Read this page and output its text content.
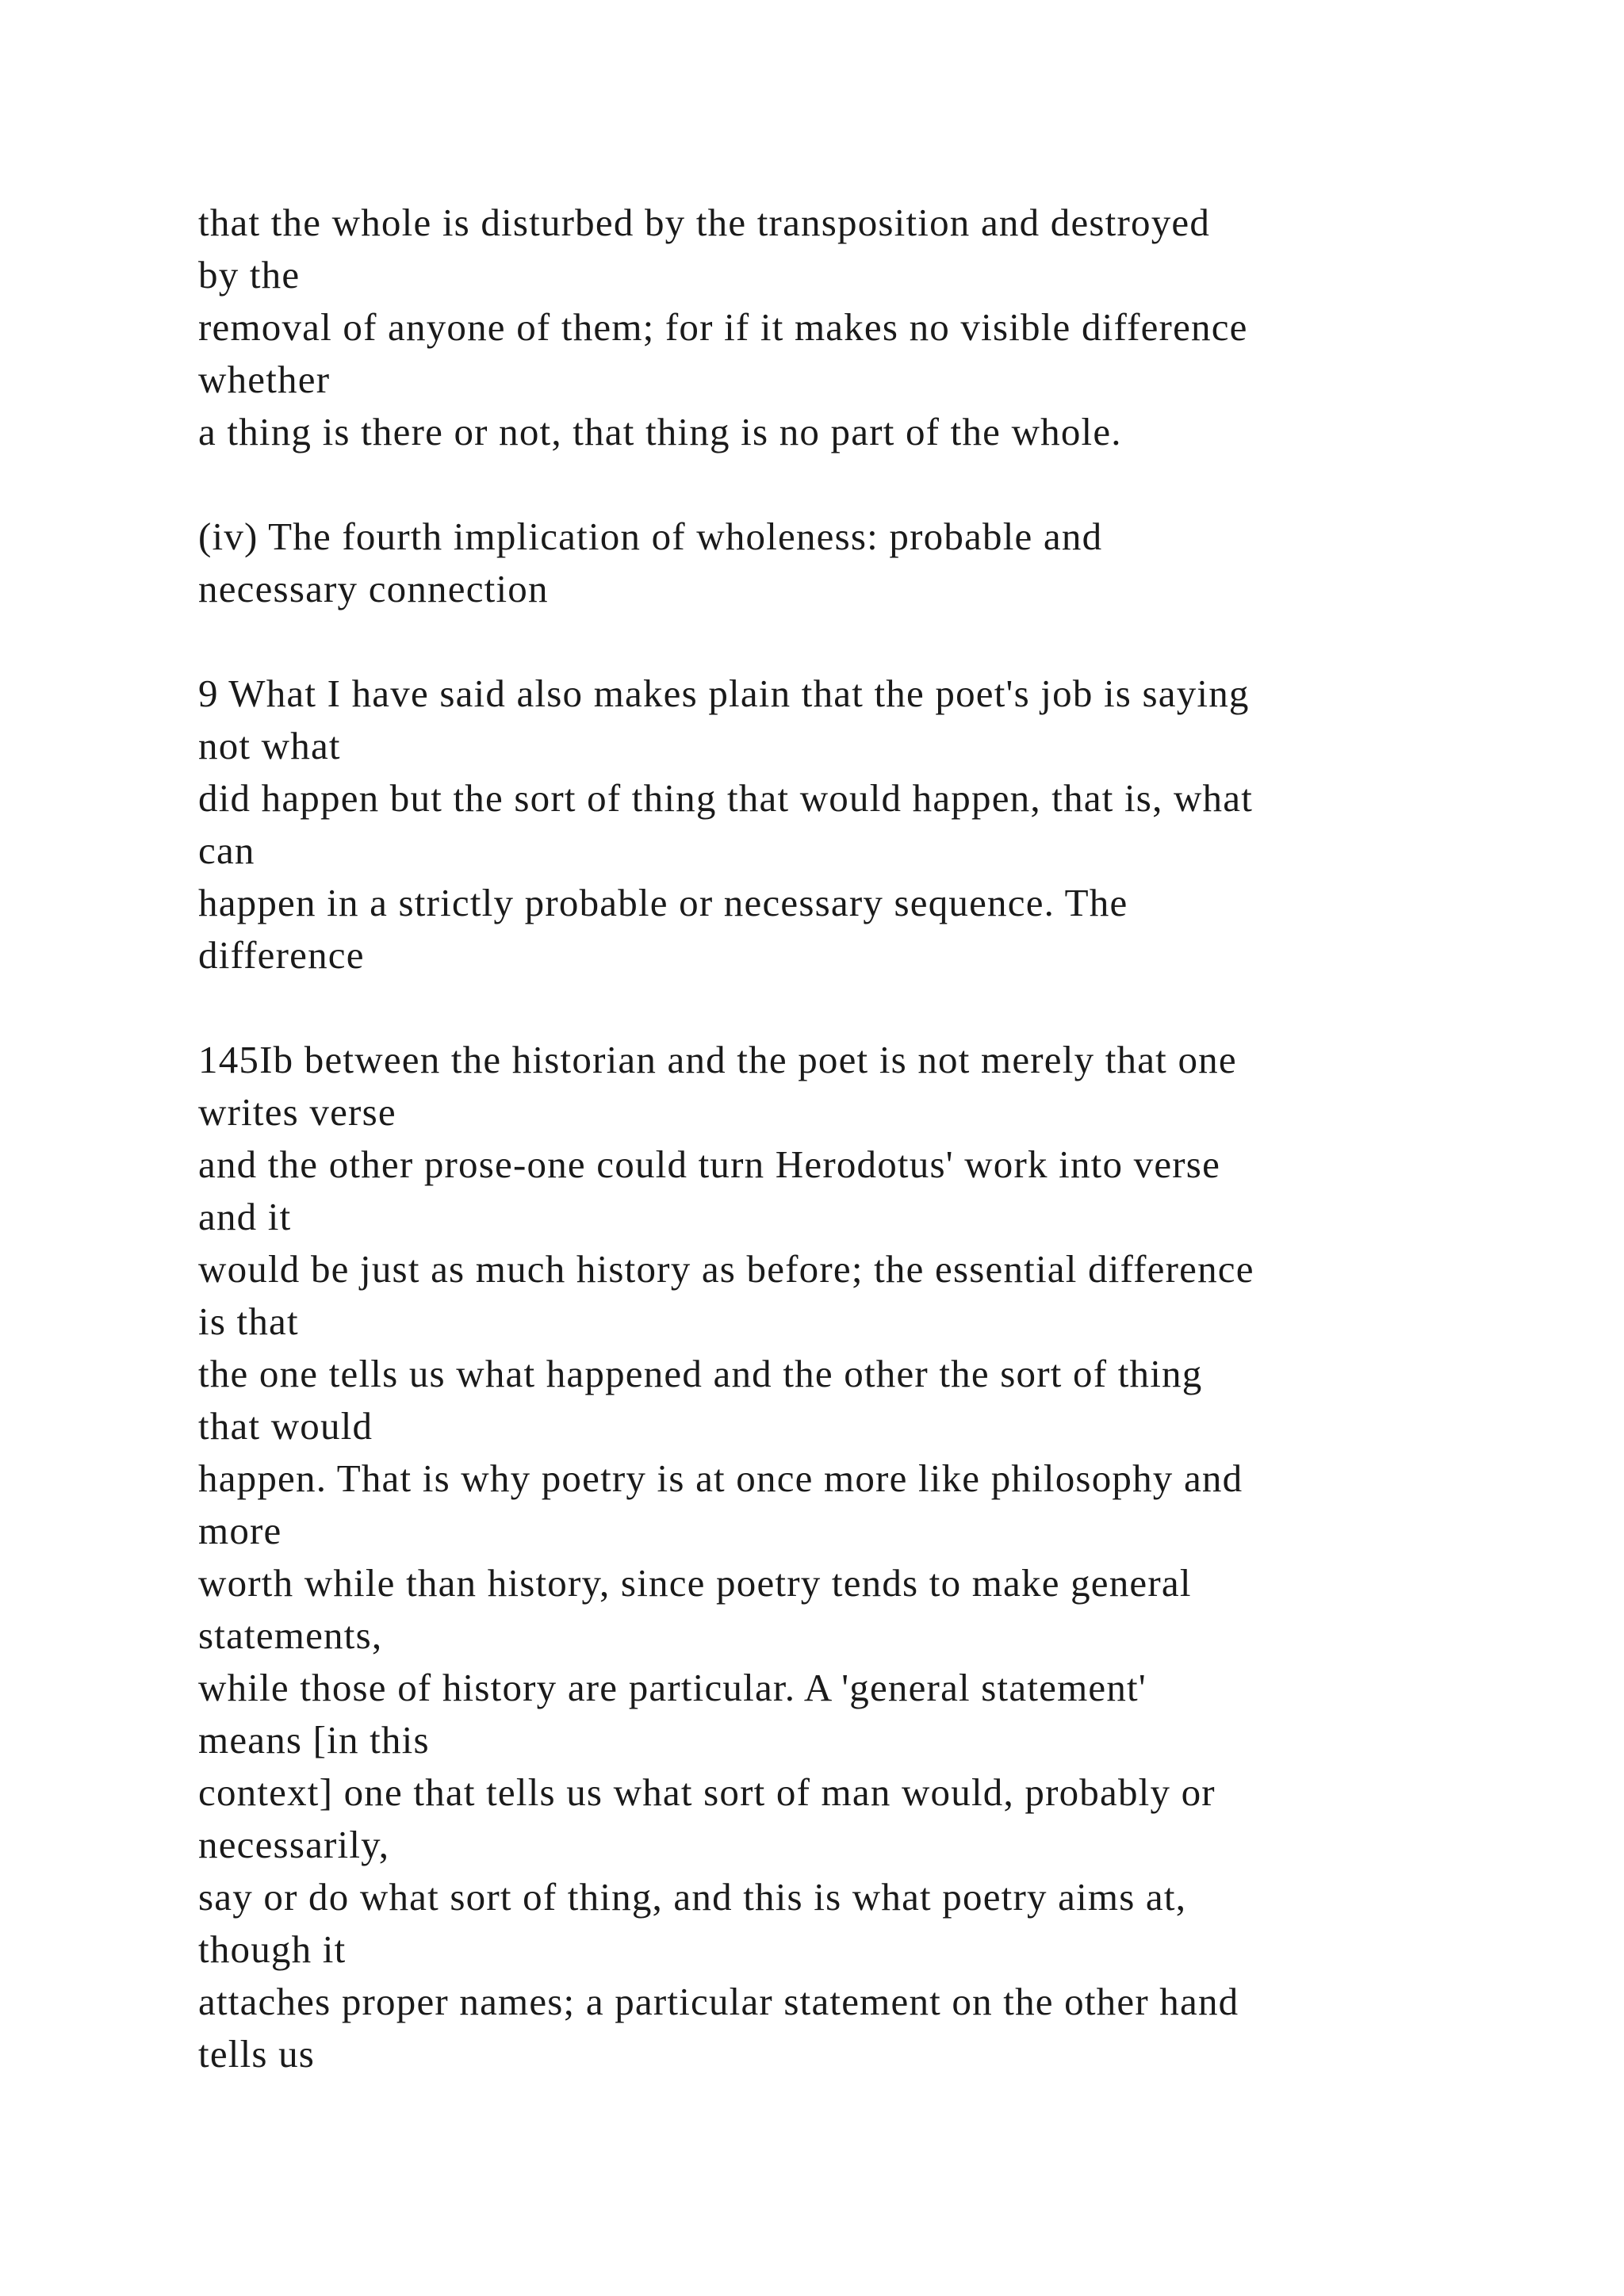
that the whole is disturbed by the transposition and destroyed
by the
removal of anyone of them; for if it makes no visible difference
whether
a thing is there or not, that thing is no part of the whole.
(iv) The fourth implication of wholeness: probable and
necessary connection
9 What I have said also makes plain that the poet's job is saying
not what
did happen but the sort of thing that would happen, that is, what
can
happen in a strictly probable or necessary sequence. The
difference
145Ib between the historian and the poet is not merely that one
writes verse
and the other prose-one could turn Herodotus' work into verse
and it
would be just as much history as before; the essential difference
is that
the one tells us what happened and the other the sort of thing
that would
happen. That is why poetry is at once more like philosophy and
more
worth while than history, since poetry tends to make general
statements,
while those of history are particular. A 'general statement'
means [in this
context] one that tells us what sort of man would, probably or
necessarily,
say or do what sort of thing, and this is what poetry aims at,
though it
attaches proper names; a particular statement on the other hand
tells us
